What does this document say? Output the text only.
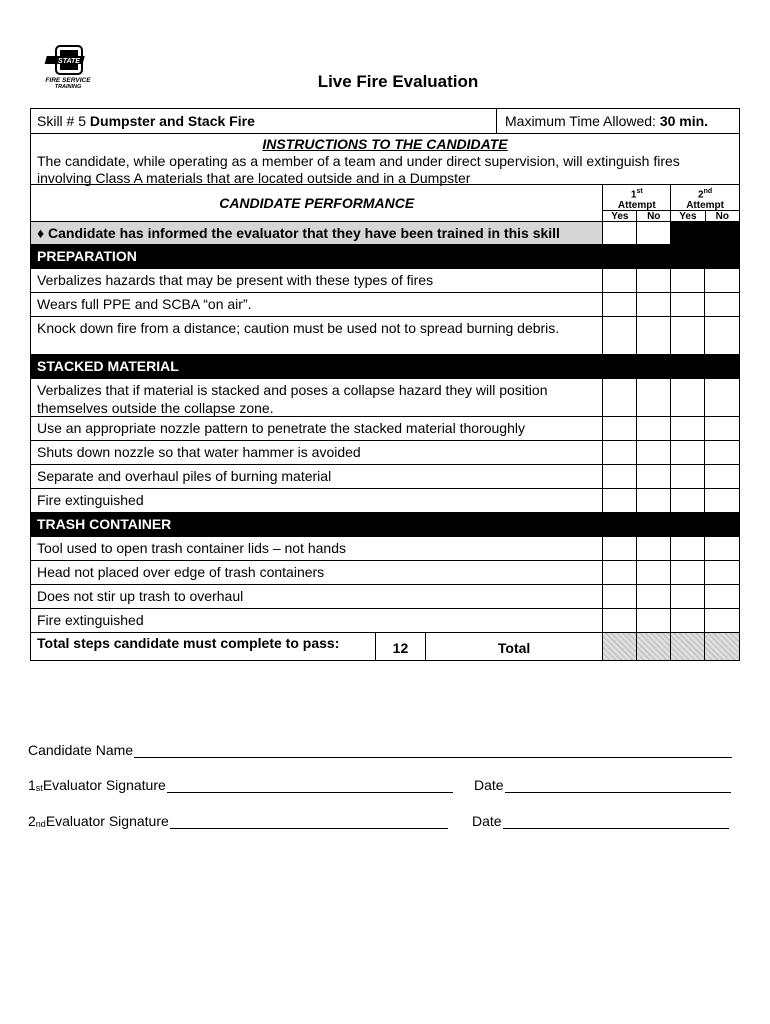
STATE
FIRE SERVICE
TRAINING	Live Fire Evaluation
Skill # 5 Dumpster and Stack Fire	Maximum Time Allowed: 30 min.
INSTRUCTIONS TO THE CANDIDATE
The candidate, while operating as a member of a team and under direct supervision, will extinguish fires involving Class A materials that are located outside and in a Dumpster
CANDIDATE PERFORMANCE
1st
Attempt
Yes	No
2nd
Attempt
Yes	No
♦ Candidate has informed the evaluator that they have been trained in this skill
PREPARATION
Verbalizes hazards that may be present with these types of fires
Wears full PPE and SCBA “on air”.
Knock down fire from a distance; caution must be used not to spread burning debris.
STACKED MATERIAL
Verbalizes that if material is stacked and poses a collapse hazard they will position themselves outside the collapse zone.
Use an appropriate nozzle pattern to penetrate the stacked material thoroughly
Shuts down nozzle so that water hammer is avoided
Separate and overhaul piles of burning material
Fire extinguished
TRASH CONTAINER
Tool used to open trash container lids – not hands
Head not placed over edge of trash containers
Does not stir up trash to overhaul
Fire extinguished
Total steps candidate must complete to pass:	12	Total
Candidate Name
$1_{st}$ Evaluator Signature	Date
$2_{nd}$ Evaluator Signature	Date
